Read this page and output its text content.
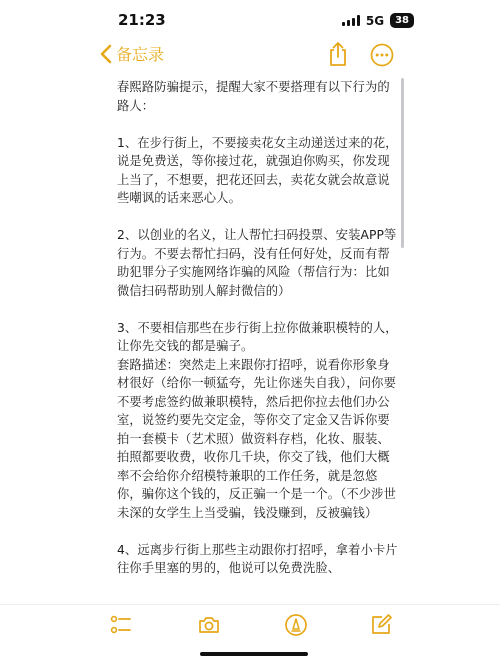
21:23	5G	38
备忘录

春熙路防骗提示，提醒大家不要搭理有以下行为的路人：

1、在步行街上，不要接卖花女主动递送过来的花，说是免费送，等你接过花，就强迫你购买，你发现上当了，不想要，把花还回去，卖花女就会故意说些嘲讽的话来恶心人。

2、以创业的名义，让人帮忙扫码投票、安装APP等行为。不要去帮忙扫码，没有任何好处，反而有帮助犯罪分子实施网络诈骗的风险（帮信行为：比如微信扫码帮助别人解封微信的）

3、不要相信那些在步行街上拉你做兼职模特的人，让你先交钱的都是骗子。

套路描述：突然走上来跟你打招呼，说看你形象身材很好（给你一顿猛夸，先让你迷失自我），问你要不要考虑签约做兼职模特，然后把你拉去他们办公室，说签约要先交定金，等你交了定金又告诉你要拍一套模卡（艺术照）做资料存档，化妆、服装、拍照都要收费，收你几千块，你交了钱，他们大概率不会给你介绍模特兼职的工作任务，就是忽悠你，骗你这个钱的，反正骗一个是一个。（不少涉世未深的女学生上当受骗，钱没赚到，反被骗钱）

4、远离步行街上那些主动跟你打招呼，拿着小卡片往你手里塞的男的，他说可以免费洗脸、
